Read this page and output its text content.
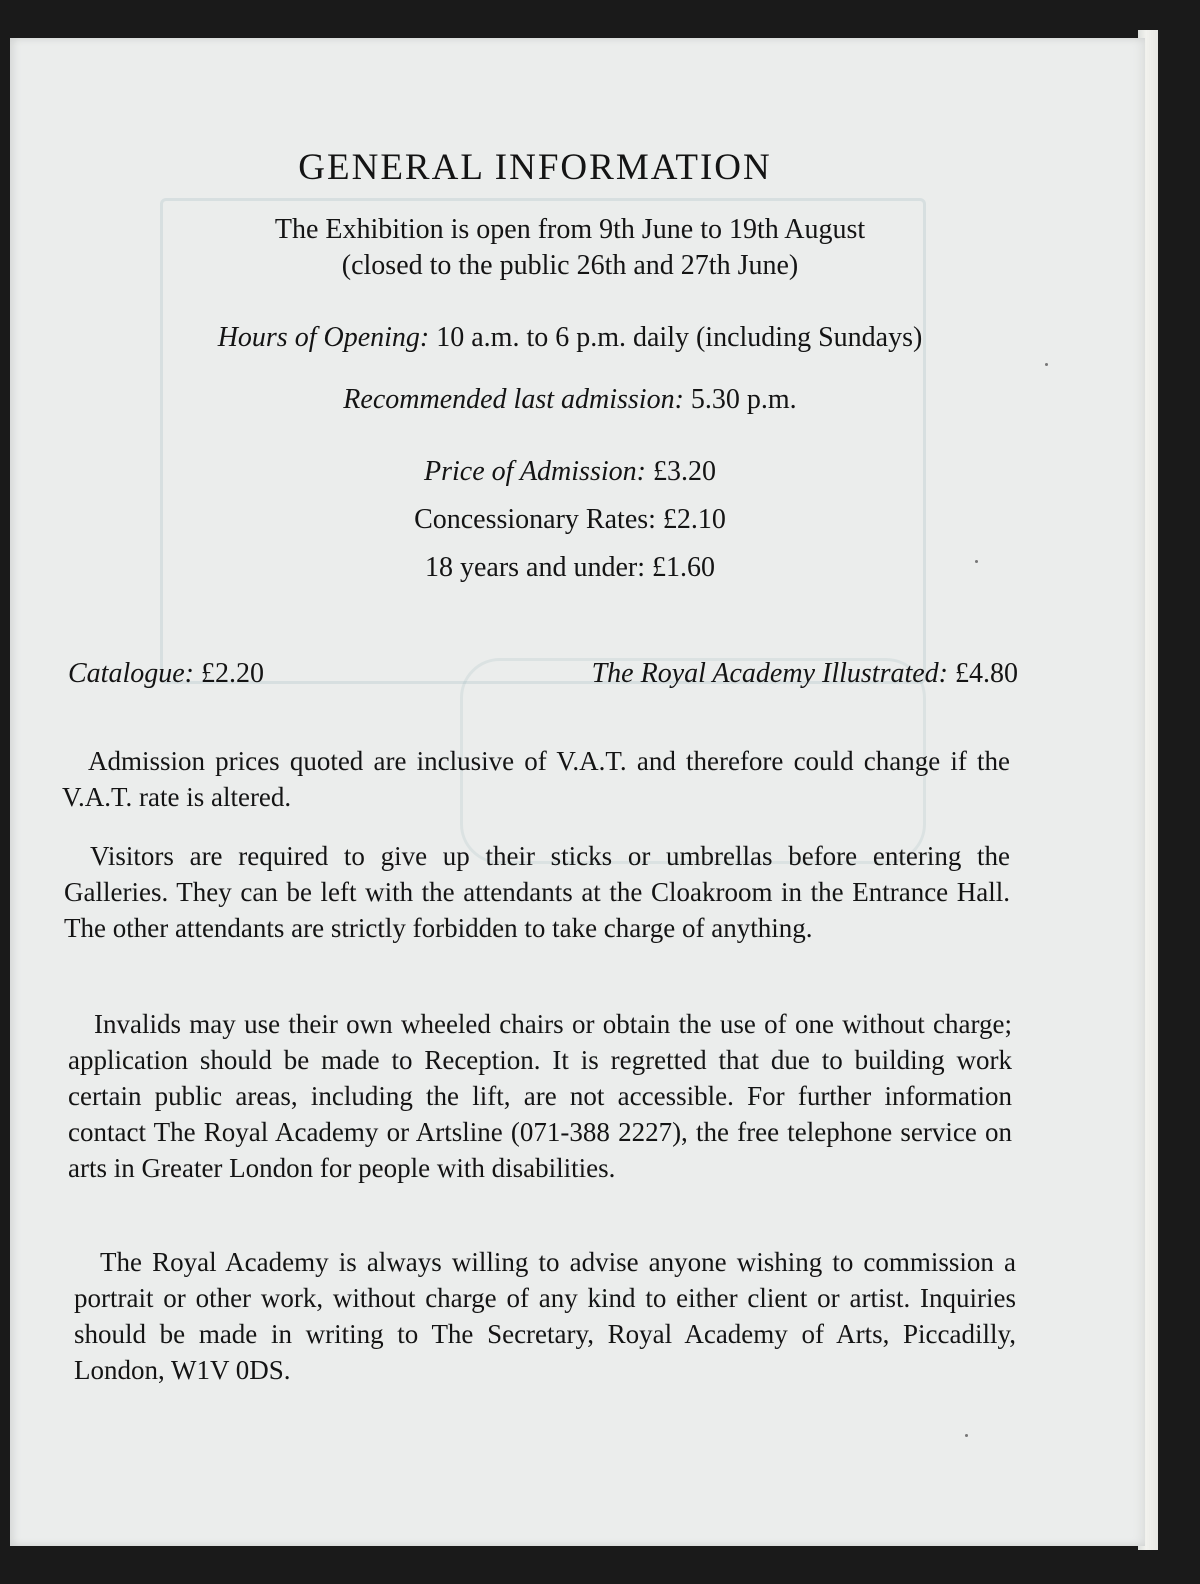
GENERAL INFORMATION

The Exhibition is open from 9th June to 19th August

(closed to the public 26th and 27th June)

Hours of Opening: 10 a.m. to 6 p.m. daily (including Sundays)

Recommended last admission: 5.30 p.m.

Price of Admission: £3.20

Concessionary Rates: £2.10

18 years and under: £1.60

Catalogue: £2.20	The Royal Academy Illustrated: £4.80

Admission prices quoted are inclusive of V.A.T. and therefore could change if the V.A.T. rate is altered.

Visitors are required to give up their sticks or umbrellas before entering the Galleries. They can be left with the attendants at the Cloakroom in the Entrance Hall. The other attendants are strictly forbidden to take charge of anything.

Invalids may use their own wheeled chairs or obtain the use of one without charge; application should be made to Reception. It is regretted that due to building work certain public areas, including the lift, are not accessible. For further information contact The Royal Academy or Artsline (071-388 2227), the free telephone service on arts in Greater London for people with disabilities.

The Royal Academy is always willing to advise anyone wishing to commission a portrait or other work, without charge of any kind to either client or artist. Inquiries should be made in writing to The Secretary, Royal Academy of Arts, Piccadilly, London, W1V 0DS.
